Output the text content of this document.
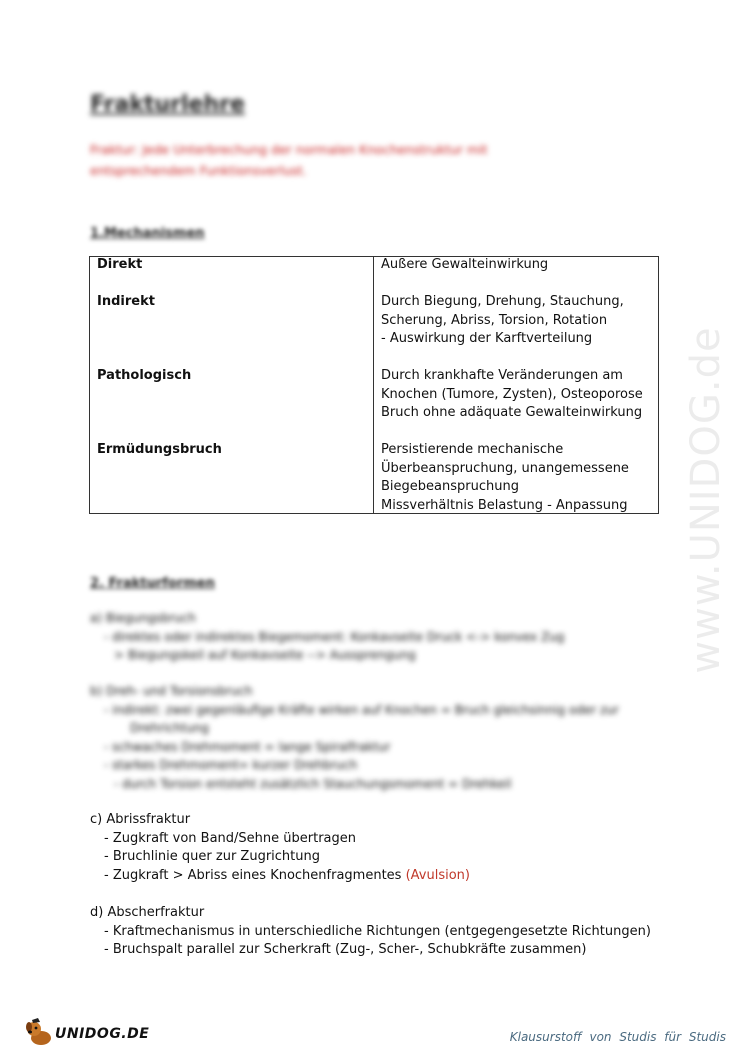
www.UNIDOG.de
Frakturlehre
Fraktur: Jede Unterbrechung der normalen Knochenstruktur mit entsprechendem Funktionsverlust.
1.Mechanismen
Direkt	Äußere Gewalteinwirkung
Indirekt	Durch Biegung, Drehung, Stauchung,
Scherung, Abriss, Torsion, Rotation
- Auswirkung der Karftverteilung
Pathologisch	Durch krankhafte Veränderungen am
Knochen (Tumore, Zysten), Osteoporose
Bruch ohne adäquate Gewalteinwirkung
Ermüdungsbruch	Persistierende mechanische
Überbeanspruchung, unangemessene
Biegebeanspruchung
Missverhältnis Belastung - Anpassung
2. Frakturformen
a) Biegungsbruch
- direktes oder indirektes Biegemoment: Konkavseite Druck <-> konvex Zug
> Biegungskeil auf Konkavseite --> Aussprengung
b) Dreh- und Torsionsbruch
- indirekt: zwei gegenläufige Kräfte wirken auf Knochen = Bruch gleichsinnig oder zur
Drehrichtung
- schwaches Drehmoment = lange Spiralfraktur
- starkes Drehmoment= kurzer Drehbruch
- durch Torsion entsteht zusätzlich Stauchungsmoment = Drehkeil
c) Abrissfraktur
- Zugkraft von Band/Sehne übertragen
- Bruchlinie quer zur Zugrichtung
- Zugkraft > Abriss eines Knochenfragmentes (Avulsion)
d) Abscherfraktur
- Kraftmechanismus in unterschiedliche Richtungen (entgegengesetzte Richtungen)
- Bruchspalt parallel zur Scherkraft (Zug-, Scher-, Schubkräfte zusammen)
UNIDOG.DE	Klausurstoff von Studis für Studis
